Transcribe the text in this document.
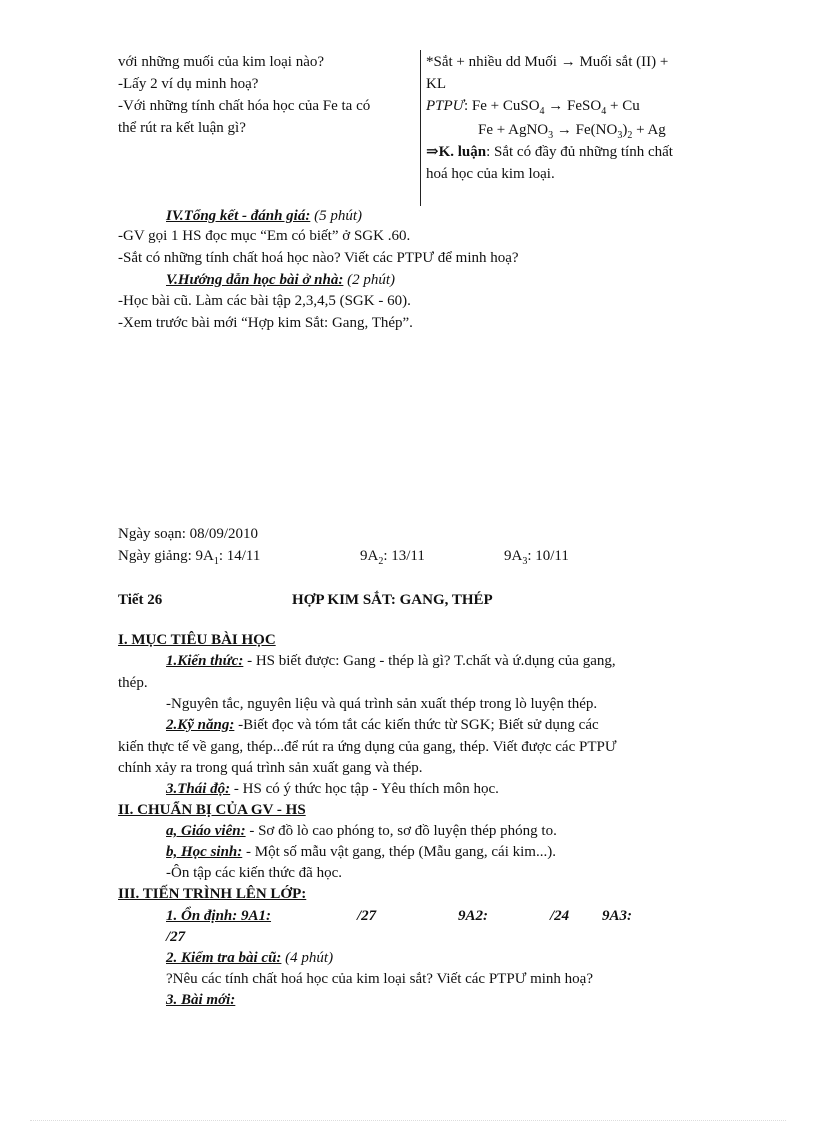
với những muối của kim loại nào?
-Lấy 2 ví dụ minh hoạ?
-Với những tính chất hóa học của Fe ta có
thể rút ra kết luận gì?
*Sắt + nhiều dd Muối → Muối sắt (II) +
KL
PTPƯ: Fe + CuSO$_4$ → FeSO$_4$ + Cu
Fe + AgNO$_3$ → $Fe(NO_3)_2 + Ag$
⇒K. luận: Sắt có đầy đủ những tính chất
hoá học của kim loại.
IV.Tổng kết - đánh giá: (5 phút)
-GV gọi 1 HS đọc mục “Em có biết” ở SGK .60.
-Sắt có những tính chất hoá học nào? Viết các PTPƯ để minh hoạ?
V.Hướng dẫn học bài ở nhà: (2 phút)
-Học bài cũ. Làm các bài tập 2,3,4,5 (SGK - 60).
-Xem trước bài mới “Hợp kim Sắt: Gang, Thép”.
Ngày soạn: 08/09/2010
Ngày giảng: $9A_1$: 14/11	$9A_2$: 13/11	$9A_3$: 10/11
Tiết 26	HỢP KIM SẮT: GANG, THÉP
I. MỤC TIÊU BÀI HỌC
1.Kiến thức: - HS biết được: Gang - thép là gì? T.chất và ứ.dụng của gang,
thép.
-Nguyên tắc, nguyên liệu và quá trình sản xuất thép trong lò luyện thép.
2.Kỹ năng: -Biết đọc và tóm tắt các kiến thức từ SGK; Biết sử dụng các
kiến thực tế về gang, thép...để rút ra ứng dụng của gang, thép. Viết được các PTPƯ
chính xảy ra trong quá trình sản xuất gang và thép.
3.Thái độ: - HS có ý thức học tập - Yêu thích môn học.
II. CHUẨN BỊ CỦA GV - HS
a, Giáo viên: - Sơ đồ lò cao phóng to, sơ đồ luyện thép phóng to.
b, Học sinh: - Một số mẫu vật gang, thép (Mẫu gang, cái kim...).
-Ôn tập các kiến thức đã học.
III. TIẾN TRÌNH LÊN LỚP:
1. Ổn định: 9A1:	/27	9A2:	/24 9A3:
/27
2. Kiểm tra bài cũ: (4 phút)
?Nêu các tính chất hoá học của kim loại sắt? Viết các PTPƯ minh hoạ?
3. Bài mới:
